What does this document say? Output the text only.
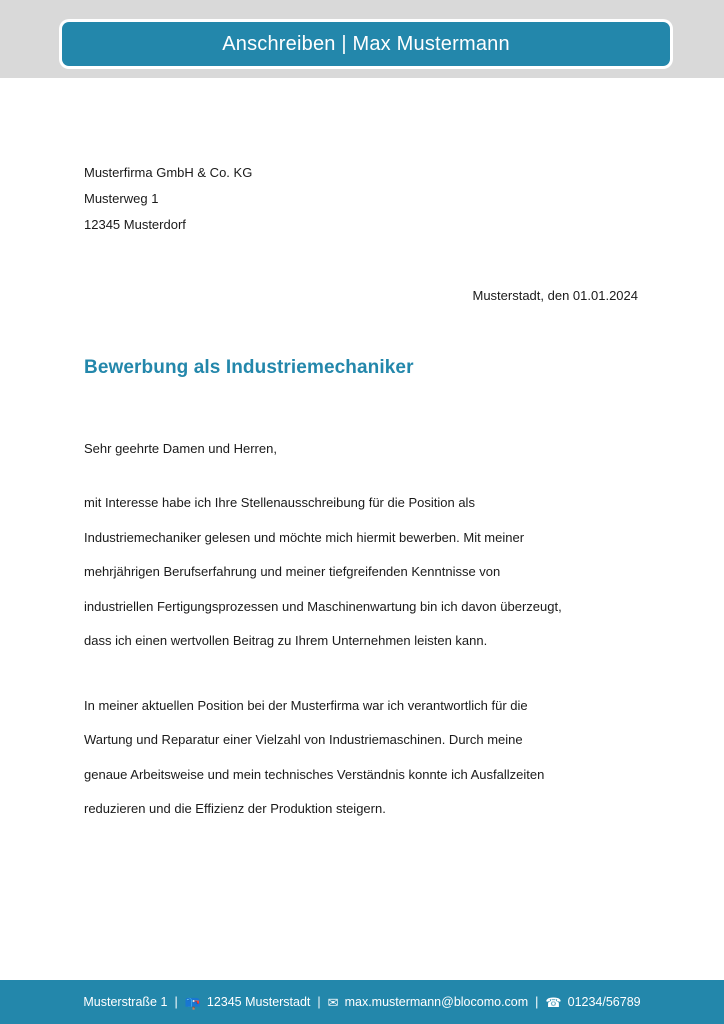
Anschreiben | Max Mustermann
Musterfirma GmbH & Co. KG
Musterweg 1
12345 Musterdorf
Musterstadt, den 01.01.2024
Bewerbung als Industriemechaniker
Sehr geehrte Damen und Herren,
mit Interesse habe ich Ihre Stellenausschreibung für die Position als
Industriemechaniker gelesen und möchte mich hiermit bewerben. Mit meiner
mehrjährigen Berufserfahrung und meiner tiefgreifenden Kenntnisse von
industriellen Fertigungsprozessen und Maschinenwartung bin ich davon überzeugt,
dass ich einen wertvollen Beitrag zu Ihrem Unternehmen leisten kann.
In meiner aktuellen Position bei der Musterfirma war ich verantwortlich für die
Wartung und Reparatur einer Vielzahl von Industriemaschinen. Durch meine
genaue Arbeitsweise und mein technisches Verständnis konnte ich Ausfallzeiten
reduzieren und die Effizienz der Produktion steigern.
Musterstraße 1 | 📪 12345 Musterstadt | ✉ max.mustermann@blocomo.com | ☎ 01234/56789
